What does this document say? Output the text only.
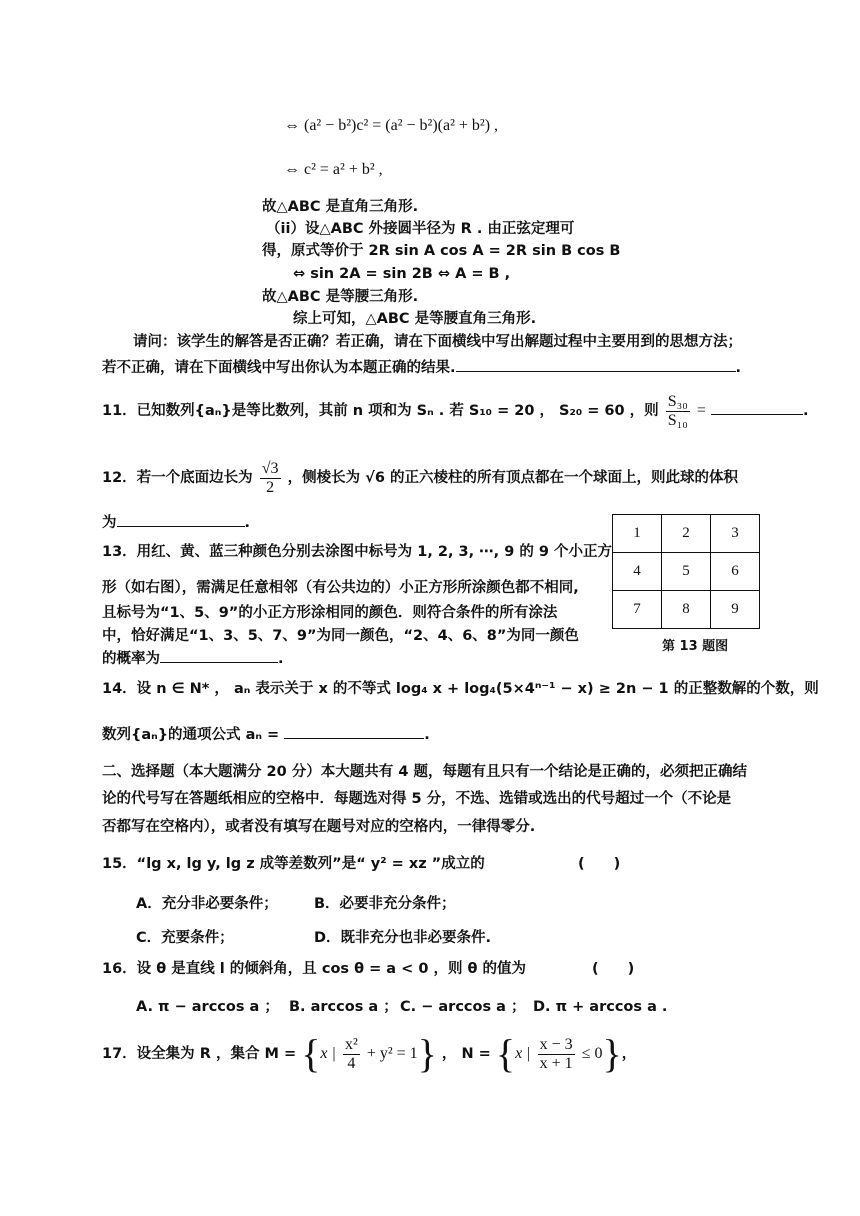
⇔ (a² − b²)c² = (a² − b²)(a² + b²) ,
⇔ c² = a² + b² ,
故△ABC 是直角三角形.
（ii）设△ABC 外接圆半径为 R . 由正弦定理可
得，原式等价于 2R sin A cos A = 2R sin B cos B
⇔ sin 2A = sin 2B ⇔ A = B ,
故△ABC 是等腰三角形.
综上可知，△ABC 是等腰直角三角形.
请问：该学生的解答是否正确？若正确，请在下面横线中写出解题过程中主要用到的思想方法；
若不正确，请在下面横线中写出你认为本题正确的结果.	.
11．已知数列{aₙ}是等比数列，其前 n 项和为 Sₙ . 若 S₁₀ = 20 ， S₂₀ = 60 ，则 $\frac{\text{S₃₀}}{\text{S₁₀}}$ =	.
12．若一个底面边长为 $\frac{√3}{2}$ ，侧棱长为 √6 的正六棱柱的所有顶点都在一个球面上，则此球的体积
为	.
13．用红、黄、蓝三种颜色分别去涂图中标号为 1, 2, 3, ⋯, 9 的 9 个小正方
形（如右图），需满足任意相邻（有公共边的）小正方形所涂颜色都不相同,
且标号为“1、5、9”的小正方形涂相同的颜色．则符合条件的所有涂法
中，恰好满足“1、3、5、7、9”为同一颜色，“2、4、6、8”为同一颜色
的概率为	.
1	2	3
4	5	6
7	8	9
第 13 题图
14．设 n ∈ N* ， aₙ 表示关于 x 的不等式 log₄ x + log₄(5×4ⁿ⁻¹ − x) ≥ 2n − 1 的正整数解的个数，则
数列{aₙ}的通项公式 aₙ =	.
二、选择题（本大题满分 20 分）本大题共有 4 题，每题有且只有一个结论是正确的，必须把正确结
论的代号写在答题纸相应的空格中．每题选对得 5 分，不选、选错或选出的代号超过一个（不论是
否都写在空格内），或者没有填写在题号对应的空格内，一律得零分.
15．“lg x, lg y, lg z 成等差数列”是“ y² = xz ”成立的	(　　)
A．充分非必要条件；	B．必要非充分条件；
C．充要条件；	D．既非充分也非必要条件.
16．设 θ 是直线 l 的倾斜角，且 cos θ = a < 0 ，则 θ 的值为	(　　)
A. π − arccos a ； B. arccos a ； C. − arccos a ； D. π + arccos a .
17．设全集为 R ，集合 M = {x | $\frac{\text{x²}}{4} + y^2 = 1$} ， N = {x | $\frac{x - 3}{x + 1} \le 0$}，
